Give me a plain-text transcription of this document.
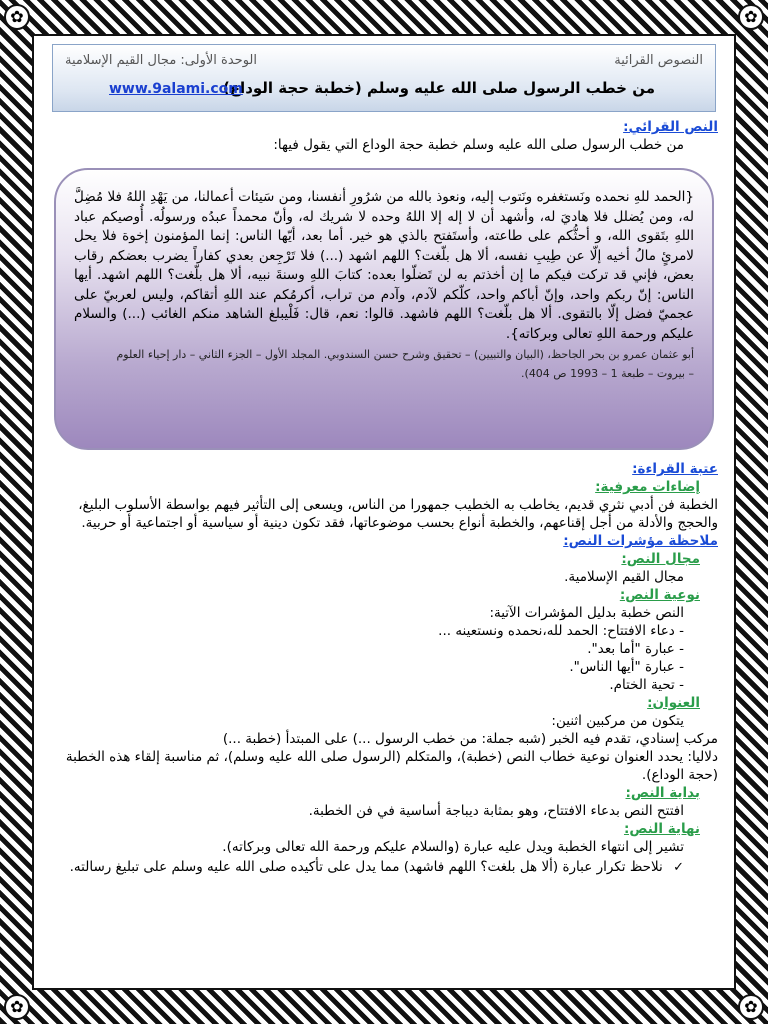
✿	✿
✿	✿
النصوص القرائية
الوحدة الأولى: مجال القيم الإسلامية
من خطب الرسول صلى الله عليه وسلم (خطبة حجة الوداع)
www.9alami.com

النص القرائي:

من خطب الرسول صلى الله عليه وسلم خطبة حجة الوداع التي يقول فيها:

{الحمد للهِ نحمده ونَستغفره ونَتوب إليه، ونعوذ بالله من شرُورِ أنفسنا، ومن سَيئات أعمالنا، من يَهْدِ اللهُ فلا مُضِلَّ له، ومن يُضلل فلا هاديَ له، وأشهد أن لا إله إلا اللهُ وحده لا شريك له، وأنّ محمداً عبدُه ورسولُه. أُوصيكم عباد اللهِ بتَقوى الله، و أحثُّكم على طاعته، وأستَفتح بالذي هو خير. أما بعد، أيّها الناس: إنما المؤمنون إخوة فلا يحل لامرئٍ مالُ أخيه إلّا عن طِيبِ نفسه، ألا هل بلّغت؟ اللهم اشهد (...) فلا تَرْجِعن بعدي كفاراً يضرب بعضكم رقاب بعض، فإني قد تركت فيكم ما إن أخذتم به لن تَضلّوا بعده: كتابَ اللهِ وسنةَ نبيه، ألا هل بلّغت؟ اللهم اشهد. أيها الناس: إنّ ربكم واحد، وإنّ أباكم واحد، كلّكم لآدم، وآدم من تراب، أكرمُكم عند اللهِ أتقاكم، وليس لعربيّ على عجميّ فضل إلّا بالتقوى. ألا هل بلّغت؟ اللهم فاشهد. قالوا: نعم، قال: فَلْيبلغ الشاهد منكم الغائب (...) والسلام عليكم ورحمة اللهِ تعالى وبركاته}.
أبو عثمان عمرو بن بحر الجاحظ، (البيان والتبيين) – تحقيق وشرح حسن السندوبي. المجلد الأول – الجزء الثاني – دار إحياء العلوم
– بيروت – طبعة 1 – 1993 ص 404).

عتبة القراءة:

إضاءات معرفية:

الخطبة فن أدبي نثري قديم، يخاطب به الخطيب جمهورا من الناس، ويسعى إلى التأثير فيهم بواسطة الأسلوب البليغ، والحجج والأدلة من أجل إقناعهم، والخطبة أنواع بحسب موضوعاتها، فقد تكون دينية أو سياسية أو اجتماعية أو حربية.

ملاحظة مؤشرات النص:

مجال النص:

مجال القيم الإسلامية.

نوعية النص:

النص خطبة بدليل المؤشرات الآتية:

- دعاء الافتتاح: الحمد لله،نحمده ونستعينه ...
- عبارة "أما بعد".
- عبارة "أيها الناس".
- تحية الختام.

العنوان:

يتكون من مركبين اثنين:

مركب إسنادي، تقدم فيه الخبر (شبه جملة: من خطب الرسول ...) على المبتدأ (خطبة ...)

دلاليا: يحدد العنوان نوعية خطاب النص (خطبة)، والمتكلم (الرسول صلى الله عليه وسلم)، ثم مناسبة إلقاء هذه الخطبة (حجة الوداع).

بداية النص:

افتتح النص بدعاء الافتتاح، وهو بمثابة ديباجة أساسية في فن الخطبة.

نهاية النص:

تشير إلى انتهاء الخطبة ويدل عليه عبارة (والسلام عليكم ورحمة الله تعالى وبركاته).

✓ نلاحظ تكرار عبارة (ألا هل بلغت؟ اللهم فاشهد) مما يدل على تأكيده صلى الله عليه وسلم على تبليغ رسالته.
